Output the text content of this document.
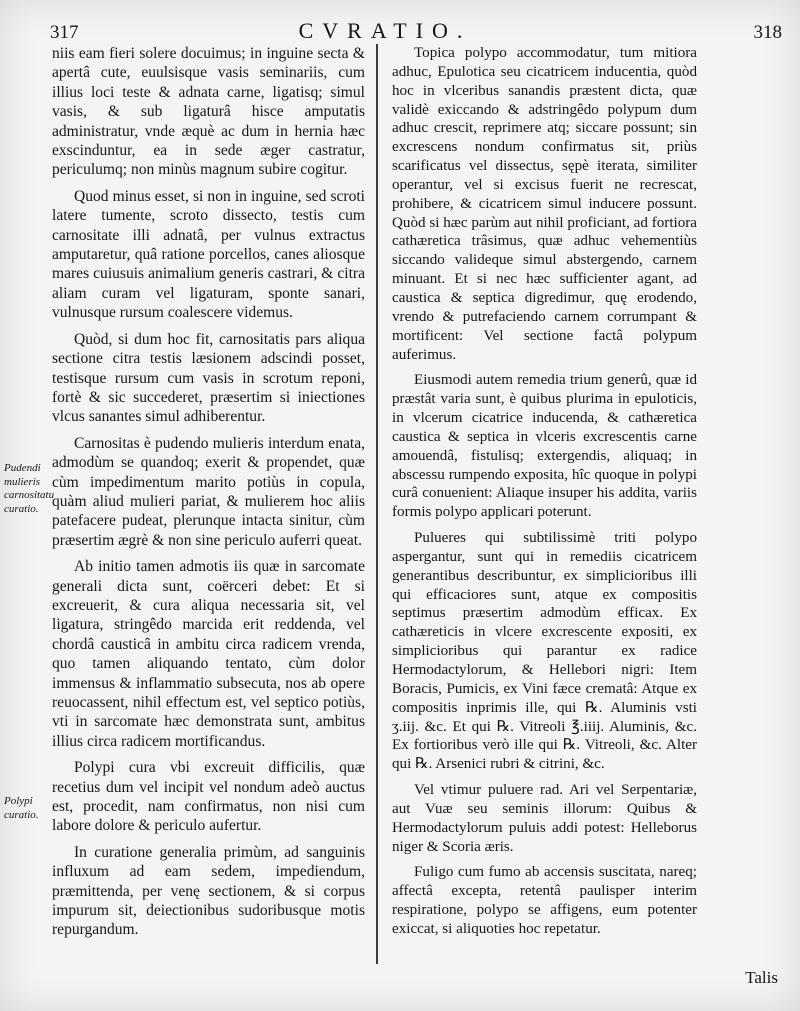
317	CVRATIO.	318
Pudendi mulieris carnositatu curatio.
Polypi curatio.

niis eam fieri solere docuimus; in inguine secta & apertâ cute, euulsisque vasis seminariis, cum illius loci teste & adnata carne, ligatisq; simul vasis, & sub ligaturâ hisce amputatis administratur, vnde æquè ac dum in hernia hæc exscinduntur, ea in sede æger castratur, periculumq; non minùs magnum subire cogitur.

Quod minus esset, si non in inguine, sed scroti latere tumente, scroto dissecto, testis cum carnositate illi adnatâ, per vulnus extractus amputaretur, quâ ratione porcellos, canes aliosque mares cuiusuis animalium generis castrari, & citra aliam curam vel ligaturam, sponte sanari, vulnusque rursum coalescere videmus.

Quòd, si dum hoc fit, carnositatis pars aliqua sectione citra testis læsionem adscindi posset, testisque rursum cum vasis in scrotum reponi, fortè & sic succederet, præsertim si iniectiones vlcus sanantes simul adhiberentur.

Carnositas è pudendo mulieris interdum enata, admodùm se quandoq; exerit & propendet, quæ cùm impedimentum marito potiùs in copula, quàm aliud mulieri pariat, & mulierem hoc aliis patefacere pudeat, plerunque intacta sinitur, cùm præsertim ægrè & non sine periculo auferri queat.

Ab initio tamen admotis iis quæ in sarcomate generali dicta sunt, coërceri debet: Et si excreuerit, & cura aliqua necessaria sit, vel ligatura, stringêdo marcida erit reddenda, vel chordâ causticâ in ambitu circa radicem vrenda, quo tamen aliquando tentato, cùm dolor immensus & inflammatio subsecuta, nos ab opere reuocassent, nihil effectum est, vel septico potiùs, vti in sarcomate hæc demonstrata sunt, ambitus illius circa radicem mortificandus.

Polypi cura vbi excreuit difficilis, quæ recetius dum vel incipit vel nondum adeò auctus est, procedit, nam confirmatus, non nisi cum labore dolore & periculo aufertur.

In curatione generalia primùm, ad sanguinis influxum ad eam sedem, impediendum, præmittenda, per venę sectionem, & si corpus impurum sit, deiectionibus sudoribusque motis repurgandum.

Topica polypo accommodatur, tum mitiora adhuc, Epulotica seu cicatricem inducentia, quòd hoc in vlceribus sanandis præstent dicta, quæ validè exiccando & adstringêdo polypum dum adhuc crescit, reprimere atq; siccare possunt; sin excrescens nondum confirmatus sit, priùs scarificatus vel dissectus, sępè iterata, similiter operantur, vel si excisus fuerit ne recrescat, prohibere, & cicatricem simul inducere possunt. Quòd si hæc parùm aut nihil proficiant, ad fortiora cathæretica trâsimus, quæ adhuc vehementiùs siccando valideque simul abstergendo, carnem minuant. Et si nec hæc sufficienter agant, ad caustica & septica digredimur, quę erodendo, vrendo & putrefaciendo carnem corrumpant & mortificent: Vel sectione factâ polypum auferimus.

Eiusmodi autem remedia trium generû, quæ id præstât varia sunt, è quibus plurima in epuloticis, in vlcerum cicatrice inducenda, & cathæretica caustica & septica in vlceris excrescentis carne amouendâ, fistulisq; extergendis, aliquaq; in abscessu rumpendo exposita, hîc quoque in polypi curâ conuenient: Aliaque insuper his addita, variis formis polypo applicari poterunt.

Pulueres qui subtilissimè triti polypo aspergantur, sunt qui in remediis cicatricem generantibus describuntur, ex simplicioribus illi qui efficaciores sunt, atque ex compositis septimus præsertim admodùm efficax. Ex cathæreticis in vlcere excrescente expositi, ex simplicioribus qui parantur ex radice Hermodactylorum, & Hellebori nigri: Item Boracis, Pumicis, ex Vini fæce crematâ: Atque ex compositis inprimis ille, qui ℞. Aluminis vsti ʒ.iij. &c. Et qui ℞. Vitreoli ℥.iiij. Aluminis, &c. Ex fortioribus verò ille qui ℞. Vitreoli, &c. Alter qui ℞. Arsenici rubri & citrini, &c.

Vel vtimur puluere rad. Ari vel Serpentariæ, aut Vuæ seu seminis illorum: Quibus & Hermodactylorum puluis addi potest: Helleborus niger & Scoria æris.

Fuligo cum fumo ab accensis suscitata, nareq; affectâ excepta, retentâ paulisper interim respiratione, polypo se affigens, eum potenter exiccat, si aliquoties hoc repetatur.

Talis
